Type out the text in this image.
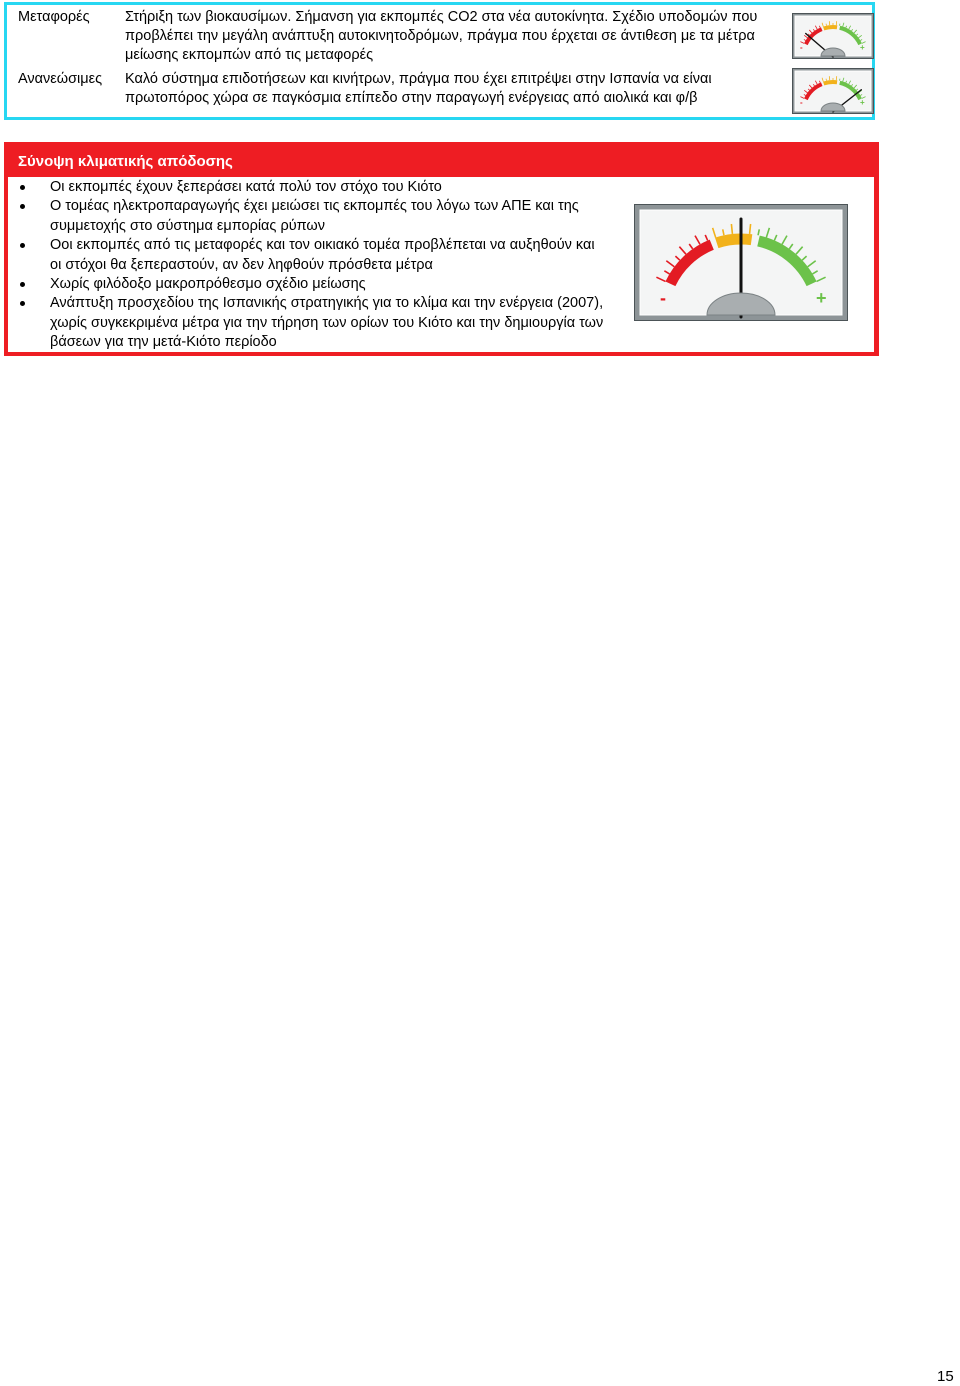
Μεταφορές Στήριξη των βιοκαυσίμων. Σήμανση για εκπομπές CO2 στα νέα αυτοκίνητα. Σχέδιο υποδομών που προβλέπει την μεγάλη ανάπτυξη αυτοκινητοδρόμων, πράγμα που έρχεται σε άντιθεση με τα μέτρα μείωσης εκπομπών από τις μεταφορές	-	+
Ανανεώσιμες Καλό σύστημα επιδοτήσεων και κινήτρων, πράγμα που έχει επιτρέψει στην Ισπανία να είναι πρωτοπόρος χώρα σε παγκόσμια επίπεδο στην παραγωγή ενέργειας από αιολικά και φ/β	-	+
Σύνοψη κλιματικής απόδοσης
Οι εκπομπές έχουν ξεπεράσει κατά πολύ τον στόχο του Κιότο
Ο τομέας ηλεκτροπαραγωγής έχει μειώσει τις εκπομπές του λόγω των ΑΠΕ και της συμμετοχής στο σύστημα εμπορίας ρύπων
Οοι εκπομπές από τις μεταφορές και τον οικιακό τομέα προβλέπεται να αυξηθούν και οι στόχοι θα ξεπεραστούν, αν δεν ληφθούν πρόσθετα μέτρα
Χωρίς φιλόδοξο μακροπρόθεσμο σχέδιο μείωσης
Ανάπτυξη προσχεδίου της Ισπανικής στρατηγικής για το κλίμα και την ενέργεια (2007), χωρίς συγκεκριμένα μέτρα για την τήρηση των ορίων του Κιότο και την δημιουργία των βάσεων για την μετά-Κιότο περίοδο
-	+
15
